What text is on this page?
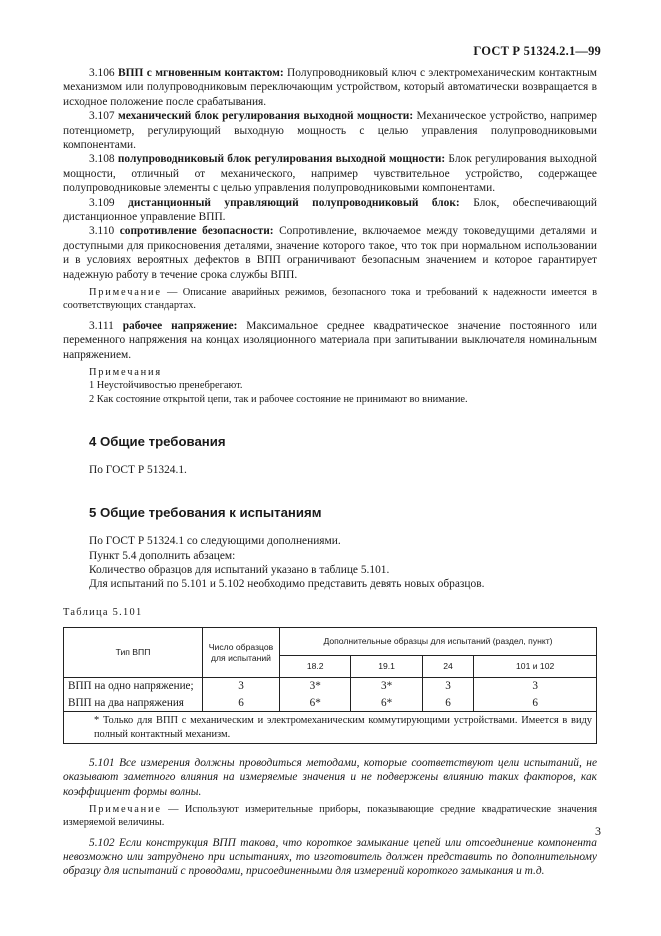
ГОСТ Р 51324.2.1—99

3.106 ВПП с мгновенным контактом: Полупроводниковый ключ с электромеханическим контактным механизмом или полупроводниковым переключающим устройством, который автоматически возвращается в исходное положение после срабатывания.

3.107 механический блок регулирования выходной мощности: Механическое устройство, например потенциометр, регулирующий выходную мощность с целью управления полупроводниковыми компонентами.

3.108 полупроводниковый блок регулирования выходной мощности: Блок регулирования выходной мощности, отличный от механического, например чувствительное устройство, содержащее полупроводниковые элементы с целью управления полупроводниковыми компонентами.

3.109 дистанционный управляющий полупроводниковый блок: Блок, обеспечивающий дистанционное управление ВПП.

3.110 сопротивление безопасности: Сопротивление, включаемое между токоведущими деталями и доступными для прикосновения деталями, значение которого такое, что ток при нормальном использовании и в условиях вероятных дефектов в ВПП ограничивают безопасным значением и которое гарантирует надежную работу в течение срока службы ВПП.

Примечание — Описание аварийных режимов, безопасного тока и требований к надежности имеется в соответствующих стандартах.

3.111 рабочее напряжение: Максимальное среднее квадратическое значение постоянного или переменного напряжения на концах изоляционного материала при запитывании выключателя номинальным напряжением.

Примечания

1 Неустойчивостью пренебрегают.

2 Как состояние открытой цепи, так и рабочее состояние не принимают во внимание.

4 Общие требования

По ГОСТ Р 51324.1.

5 Общие требования к испытаниям

По ГОСТ Р 51324.1 со следующими дополнениями.

Пункт 5.4 дополнить абзацем:

Количество образцов для испытаний указано в таблице 5.101.

Для испытаний по 5.101 и 5.102 необходимо представить девять новых образцов.

Таблица 5.101

Тип ВПП	Число образцов для испытаний	Дополнительные образцы для испытаний (раздел, пункт)			
		18.2	19.1	24	101 и 102
ВПП на одно напряжение;	3	3*	3*	3	3
ВПП на два напряжения	6	6*	6*	6	6
* Только для ВПП с механическим и электромеханическим коммутирующими устройствами. Имеется в виду полный контактный механизм.					

5.101 Все измерения должны проводиться методами, которые соответствуют цели испытаний, не оказывают заметного влияния на измеряемые значения и не подвержены влиянию таких факторов, как коэффициент формы волны.

Примечание — Используют измерительные приборы, показывающие средние квадратические значения измеряемой величины.

5.102 Если конструкция ВПП такова, что короткое замыкание цепей или отсоединение компонента невозможно или затруднено при испытаниях, то изготовитель должен представить по дополнительному образцу для испытаний с проводами, присоединенными для измерений короткого замыкания и т.д.

3
